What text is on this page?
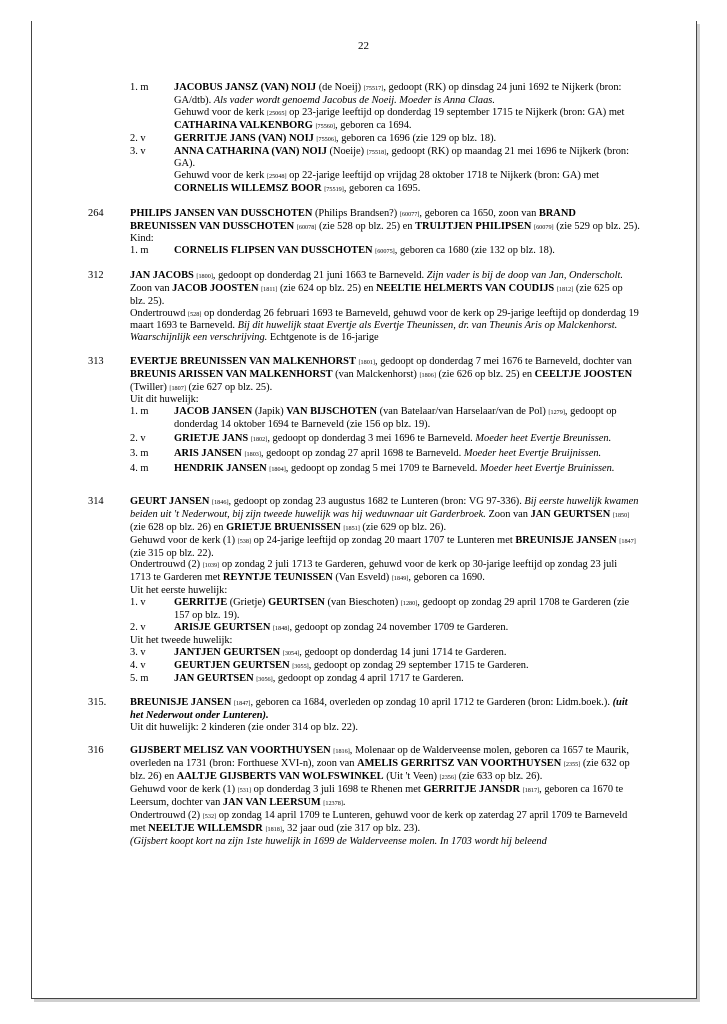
22
1. m JACOBUS JANSZ (VAN) NOIJ (de Noeij) [75517], gedoopt (RK) op dinsdag 24 juni 1692 te Nijkerk (bron: GA/dtb). Als vader wordt genoemd Jacobus de Noeij. Moeder is Anna Claas.

Gehuwd voor de kerk [25065] op 23-jarige leeftijd op donderdag 19 september 1715 te Nijkerk (bron: GA) met CATHARINA VALKENBORG [75560], geboren ca 1694.

2. v	GERRITJE JANS (VAN) NOIJ [75506], geboren ca 1696 (zie 129 op blz. 18).

3. v	ANNA CATHARINA (VAN) NOIJ (Noeije) [75518], gedoopt (RK) op maandag 21 mei 1696 te Nijkerk (bron: GA).

Gehuwd voor de kerk [25048] op 22-jarige leeftijd op vrijdag 28 oktober 1718 te Nijkerk (bron: GA) met CORNELIS WILLEMSZ BOOR [75519], geboren ca 1695.

264	PHILIPS JANSEN VAN DUSSCHOTEN (Philips Brandsen?) [60077], geboren ca 1650, zoon van BRAND BREUNISSEN VAN DUSSCHOTEN [60078] (zie 528 op blz. 25) en TRUIJTJEN PHILIPSEN [60079] (zie 529 op blz. 25).

Kind:

1. m CORNELIS FLIPSEN VAN DUSSCHOTEN [60075], geboren ca 1680 (zie 132 op blz. 18).

312	JAN JACOBS [1800], gedoopt op donderdag 21 juni 1663 te Barneveld. Zijn vader is bij de doop van Jan, Onderscholt. Zoon van JACOB JOOSTEN [1811] (zie 624 op blz. 25) en NEELTIE HELMERTS VAN COUDIJS [1812] (zie 625 op blz. 25).

Ondertrouwd [528] op donderdag 26 februari 1693 te Barneveld, gehuwd voor de kerk op 29-jarige leeftijd op donderdag 19 maart 1693 te Barneveld. Bij dit huwelijk staat Evertje als Evertje Theunissen, dr. van Theunis Aris op Malckenhorst. Waarschijnlijk een verschrijving. Echtgenote is de 16-jarige

313	EVERTJE BREUNISSEN VAN MALKENHORST [1801], gedoopt op donderdag 7 mei 1676 te Barneveld, dochter van BREUNIS ARISSEN VAN MALKENHORST (van Malckenhorst) [1806] (zie 626 op blz. 25) en CEELTJE JOOSTEN (Twiller) [1807] (zie 627 op blz. 25).

Uit dit huwelijk:

1. m JACOB JANSEN (Japik) VAN BIJSCHOTEN (van Batelaar/van Harselaar/van de Pol) [1279], gedoopt op donderdag 14 oktober 1694 te Barneveld (zie 156 op blz. 19).

2. v	GRIETJE JANS [1802], gedoopt op donderdag 3 mei 1696 te Barneveld. Moeder heet Evertje Breunissen.

3. m ARIS JANSEN [1803], gedoopt op zondag 27 april 1698 te Barneveld. Moeder heet Evertje Bruijnissen.

4. m HENDRIK JANSEN [1804], gedoopt op zondag 5 mei 1709 te Barneveld. Moeder heet Evertje Bruinissen.

314	GEURT JANSEN [1846], gedoopt op zondag 23 augustus 1682 te Lunteren (bron: VG 97-336). Bij eerste huwelijk kwamen beiden uit 't Nederwout, bij zijn tweede huwelijk was hij weduwnaar uit Garderbroek. Zoon van JAN GEURTSEN [1850] (zie 628 op blz. 26) en GRIETJE BRUENISSEN [1851] (zie 629 op blz. 26).

Gehuwd voor de kerk (1) [538] op 24-jarige leeftijd op zondag 20 maart 1707 te Lunteren met BREUNISJE JANSEN [1847] (zie 315 op blz. 22).

Ondertrouwd (2) [1039] op zondag 2 juli 1713 te Garderen, gehuwd voor de kerk op 30-jarige leeftijd op zondag 23 juli 1713 te Garderen met REYNTJE TEUNISSEN (Van Esveld) [1849], geboren ca 1690.

Uit het eerste huwelijk:

1. v	GERRITJE (Grietje) GEURTSEN (van Bieschoten) [1280], gedoopt op zondag 29 april 1708 te Garderen (zie 157 op blz. 19).

2. v	ARISJE GEURTSEN [1848], gedoopt op zondag 24 november 1709 te Garderen.

Uit het tweede huwelijk:

3. v	JANTJEN GEURTSEN [3054], gedoopt op donderdag 14 juni 1714 te Garderen.

4. v	GEURTJEN GEURTSEN [3055], gedoopt op zondag 29 september 1715 te Garderen.

5. m JAN GEURTSEN [3056], gedoopt op zondag 4 april 1717 te Garderen.

315. BREUNISJE JANSEN [1847], geboren ca 1684, overleden op zondag 10 april 1712 te Garderen (bron: Lidm.boek.). (uit het Nederwout onder Lunteren).

Uit dit huwelijk: 2 kinderen (zie onder 314 op blz. 22).

316	GIJSBERT MELISZ VAN VOORTHUYSEN [1816], Molenaar op de Walderveense molen, geboren ca 1657 te Maurik, overleden na 1731 (bron: Forthuese XVI-n), zoon van AMELIS GERRITSZ VAN VOORTHUYSEN [2355] (zie 632 op blz. 26) en AALTJE GIJSBERTS VAN WOLFSWINKEL (Uit 't Veen) [2356] (zie 633 op blz. 26).

Gehuwd voor de kerk (1) [531] op donderdag 3 juli 1698 te Rhenen met GERRITJE JANSDR [1817], geboren ca 1670 te Leersum, dochter van JAN VAN LEERSUM [12378].

Ondertrouwd (2) [532] op zondag 14 april 1709 te Lunteren, gehuwd voor de kerk op zaterdag 27 april 1709 te Barneveld met NEELTJE WILLEMSDR [1818], 32 jaar oud (zie 317 op blz. 23).

(Gijsbert koopt kort na zijn 1ste huwelijk in 1699 de Walderveense molen. In 1703 wordt hij beleend
